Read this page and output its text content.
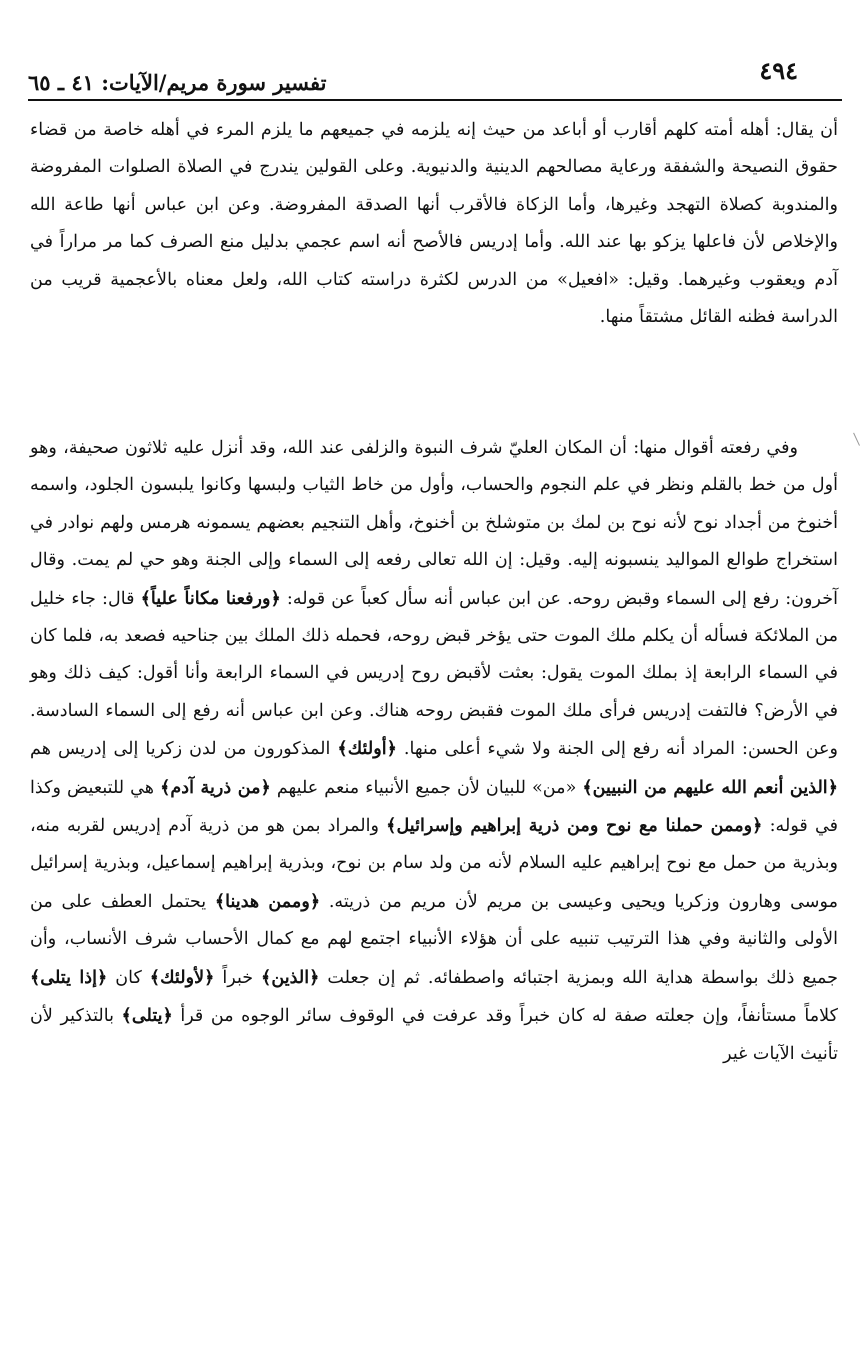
تفسير سورة مريم/الآيات: ٤١ ـ ٦٥	٤٩٤

أن يقال: أهله أمته كلهم أقارب أو أباعد من حيث إنه يلزمه في جميعهم ما يلزم المرء في أهله خاصة من قضاء حقوق النصيحة والشفقة ورعاية مصالحهم الدينية والدنيوية. وعلى القولين يندرج في الصلاة الصلوات المفروضة والمندوبة كصلاة التهجد وغيرها، وأما الزكاة فالأقرب أنها الصدقة المفروضة. وعن ابن عباس أنها طاعة الله والإخلاص لأن فاعلها يزكو بها عند الله. وأما إدريس فالأصح أنه اسم عجمي بدليل منع الصرف كما مر مراراً في آدم ويعقوب وغيرهما. وقيل: «افعيل» من الدرس لكثرة دراسته كتاب الله، ولعل معناه بالأعجمية قريب من الدراسة فظنه القائل مشتقاً منها.

وفي رفعته أقوال منها: أن المكان العليّ شرف النبوة والزلفى عند الله، وقد أنزل عليه ثلاثون صحيفة، وهو أول من خط بالقلم ونظر في علم النجوم والحساب، وأول من خاط الثياب ولبسها وكانوا يلبسون الجلود، واسمه أخنوخ من أجداد نوح لأنه نوح بن لمك بن متوشلخ بن أخنوخ، وأهل التنجيم بعضهم يسمونه هرمس ولهم نوادر في استخراج طوالع المواليد ينسبونه إليه. وقيل: إن الله تعالى رفعه إلى السماء وإلى الجنة وهو حي لم يمت. وقال آخرون: رفع إلى السماء وقبض روحه. عن ابن عباس أنه سأل كعباً عن قوله: ﴿ورفعنا مكاناً علياً﴾ قال: جاء خليل من الملائكة فسأله أن يكلم ملك الموت حتى يؤخر قبض روحه، فحمله ذلك الملك بين جناحيه فصعد به، فلما كان في السماء الرابعة إذ بملك الموت يقول: بعثت لأقبض روح إدريس في السماء الرابعة وأنا أقول: كيف ذلك وهو في الأرض؟ فالتفت إدريس فرأى ملك الموت فقبض روحه هناك. وعن ابن عباس أنه رفع إلى السماء السادسة. وعن الحسن: المراد أنه رفع إلى الجنة ولا شيء أعلى منها. ﴿أولئك﴾ المذكورون من لدن زكريا إلى إدريس هم ﴿الذين أنعم الله عليهم من النبيين﴾ «من» للبيان لأن جميع الأنبياء منعم عليهم ﴿من ذرية آدم﴾ هي للتبعيض وكذا في قوله: ﴿وممن حملنا مع نوح ومن ذرية إبراهيم وإسرائيل﴾ والمراد بمن هو من ذرية آدم إدريس لقربه منه، وبذرية من حمل مع نوح إبراهيم عليه السلام لأنه من ولد سام بن نوح، وبذرية إبراهيم إسماعيل، وبذرية إسرائيل موسى وهارون وزكريا ويحيى وعيسى بن مريم لأن مريم من ذريته. ﴿وممن هدينا﴾ يحتمل العطف على من الأولى والثانية وفي هذا الترتيب تنبيه على أن هؤلاء الأنبياء اجتمع لهم مع كمال الأحساب شرف الأنساب، وأن جميع ذلك بواسطة هداية الله وبمزية اجتبائه واصطفائه. ثم إن جعلت ﴿الذين﴾ خبراً ﴿لأولئك﴾ كان ﴿إذا يتلى﴾ كلاماً مستأنفاً، وإن جعلته صفة له كان خبراً وقد عرفت في الوقوف سائر الوجوه من قرأ ﴿يتلى﴾ بالتذكير لأن تأنيث الآيات غير
